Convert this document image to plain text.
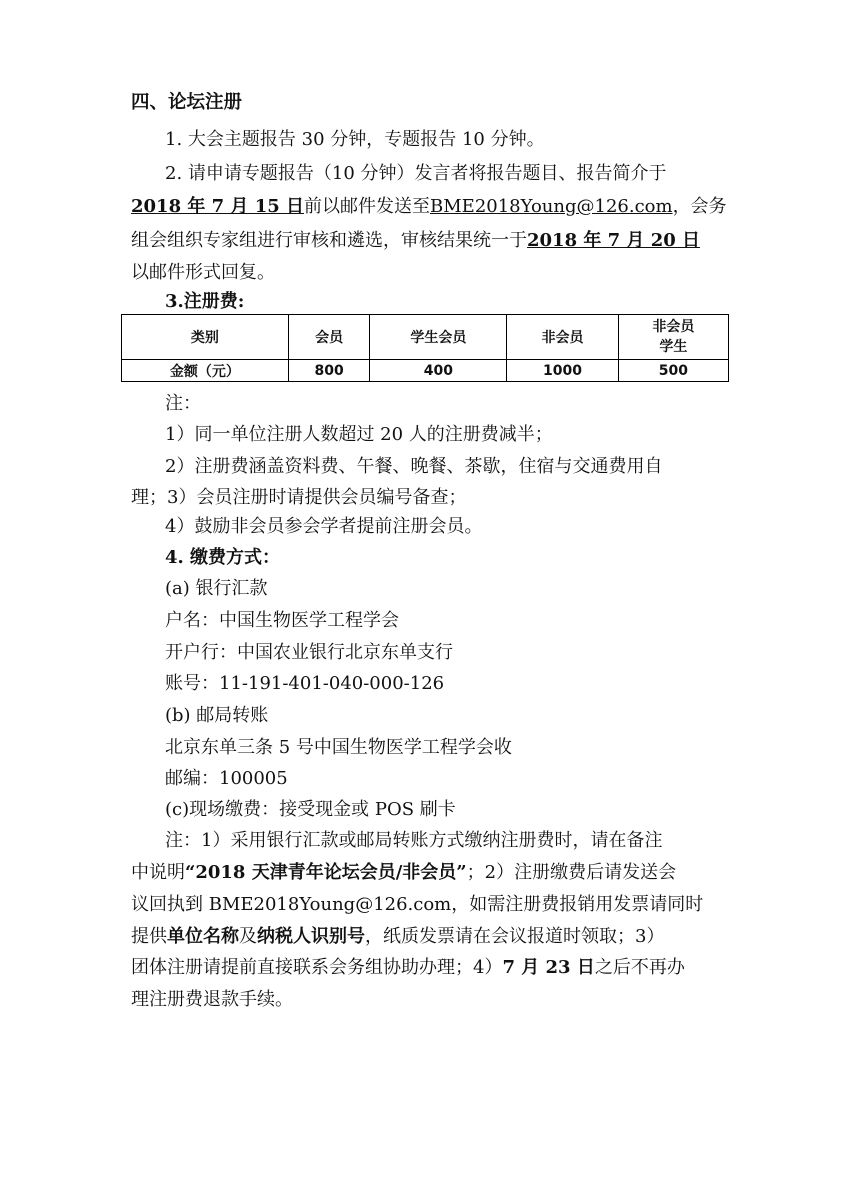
四、论坛注册
1. 大会主题报告 30 分钟，专题报告 10 分钟。
2. 请申请专题报告（10 分钟）发言者将报告题目、报告简介于
2018 年 7 月 15 日前以邮件发送至BME2018Young@126.com，会务
组会组织专家组进行审核和遴选，审核结果统一于2018 年 7 月 20 日
以邮件形式回复。
3.注册费:
类别	会员	学生会员	非会员	非会员
学生

金额（元）	800	400	1000	500
注：
1）同一单位注册人数超过 20 人的注册费减半；
2）注册费涵盖资料费、午餐、晚餐、茶歇，住宿与交通费用自
理；3）会员注册时请提供会员编号备查；
4）鼓励非会员参会学者提前注册会员。
4. 缴费方式：
(a) 银行汇款
户名：中国生物医学工程学会
开户行：中国农业银行北京东单支行
账号：11-191-401-040-000-126
(b) 邮局转账
北京东单三条 5 号中国生物医学工程学会收
邮编：100005
(c)现场缴费：接受现金或 POS 刷卡
注：1）采用银行汇款或邮局转账方式缴纳注册费时，请在备注
中说明“2018 天津青年论坛会员/非会员”；2）注册缴费后请发送会
议回执到 BME2018Young@126.com，如需注册费报销用发票请同时
提供单位名称及纳税人识别号，纸质发票请在会议报道时领取；3）
团体注册请提前直接联系会务组协助办理；4）7 月 23 日之后不再办
理注册费退款手续。
